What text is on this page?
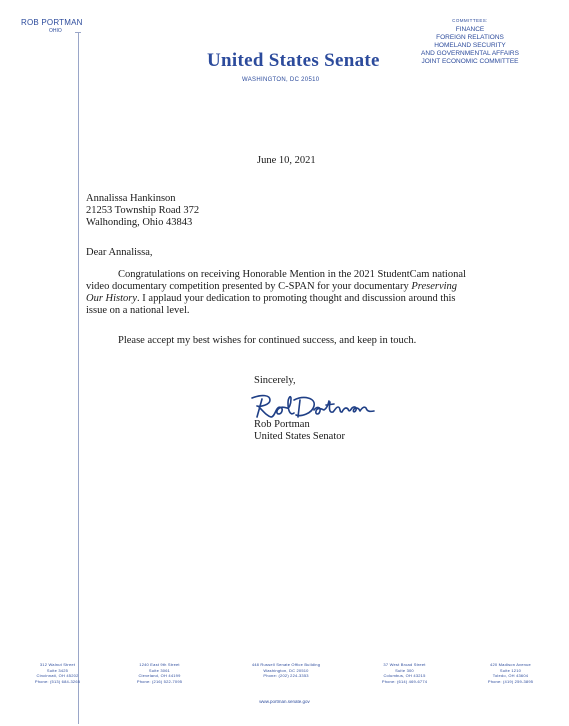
ROB PORTMAN
OHIO
United States Senate
WASHINGTON, DC 20510
COMMITTEES:
FINANCE
FOREIGN RELATIONS
HOMELAND SECURITY
AND GOVERNMENTAL AFFAIRS
JOINT ECONOMIC COMMITTEE
June 10, 2021
Annalissa Hankinson
21253 Township Road 372
Walhonding, Ohio 43843
Dear Annalissa,
Congratulations on receiving Honorable Mention in the 2021 StudentCam national video documentary competition presented by C-SPAN for your documentary Preserving Our History. I applaud your dedication to promoting thought and discussion around this issue on a national level.
Please accept my best wishes for continued success, and keep in touch.
Sincerely,
Rob Portman
United States Senator
312 Walnut Street
Suite 3425
Cincinnati, OH 45202
Phone: (513) 684-3265
1240 East 9th Street
Suite 3061
Cleveland, OH 44199
Phone: (216) 522-7095
448 Russell Senate Office Building
Washington, DC 20510
Phone: (202) 224-3353
37 West Broad Street
Suite 300
Columbus, OH 43215
Phone: (614) 469-6774
420 Madison Avenue
Suite 1210
Toledo, OH 43604
Phone: (419) 259-3895
www.portman.senate.gov
